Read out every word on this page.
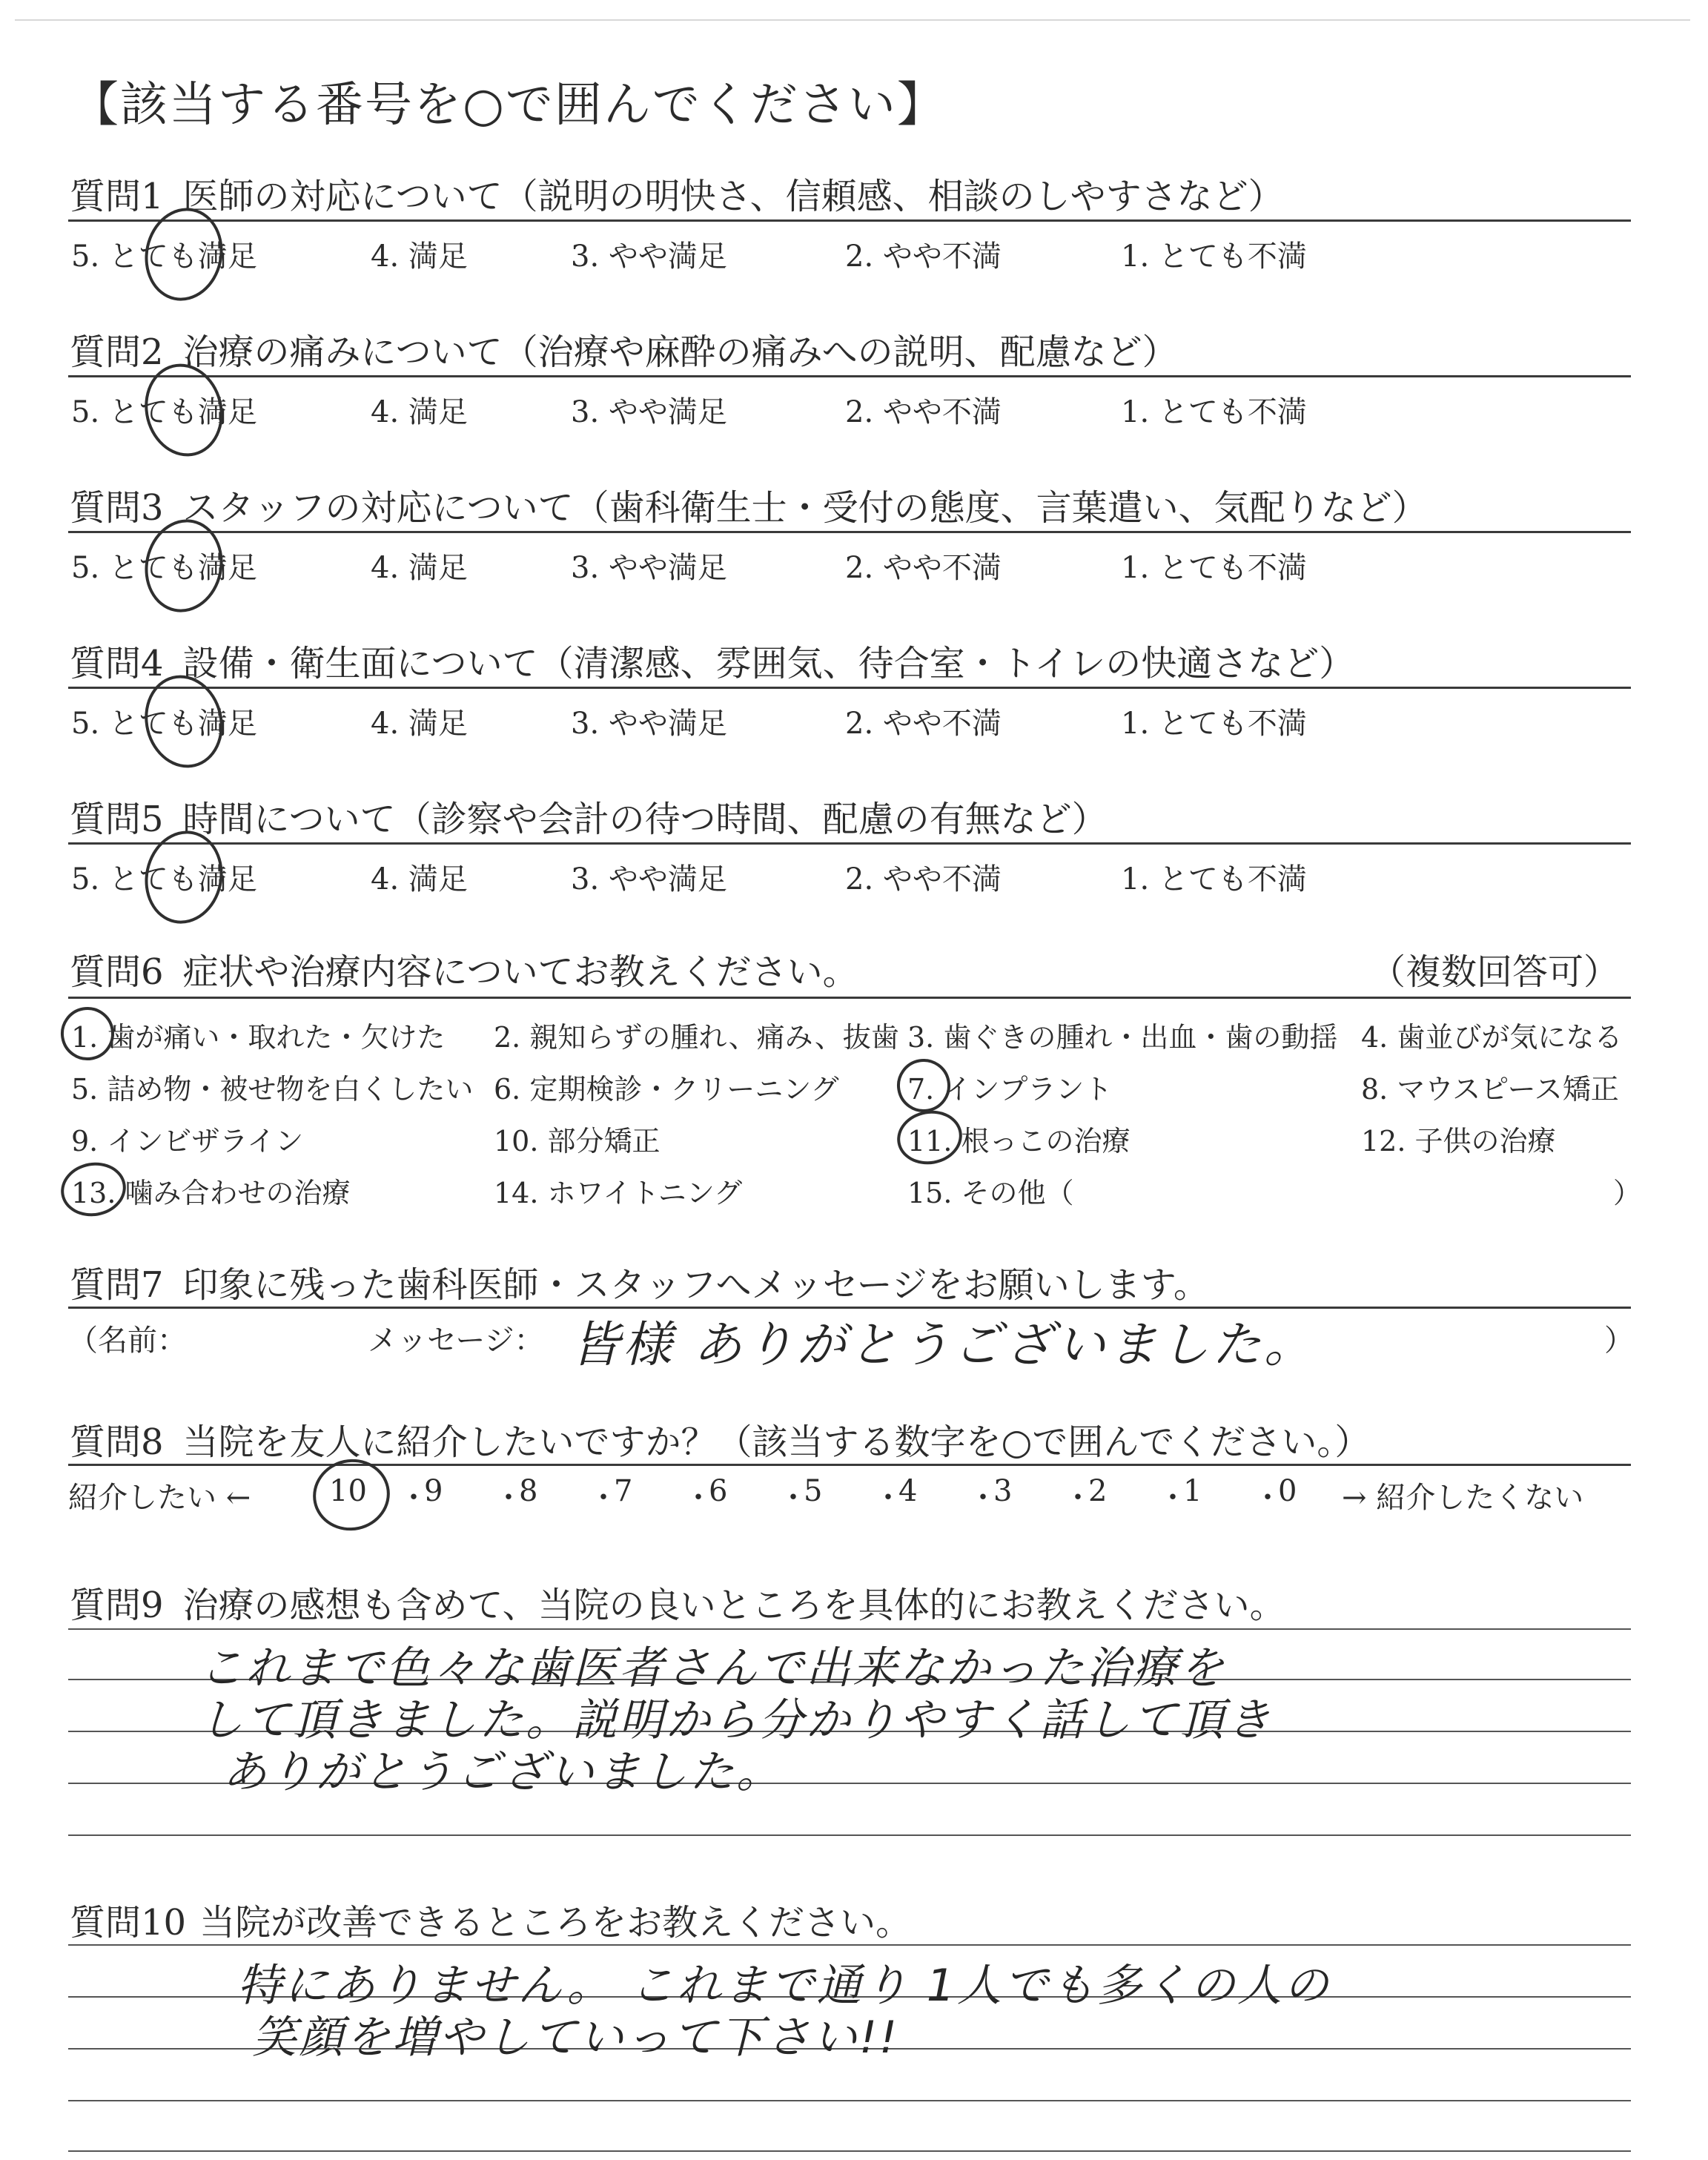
【該当する番号を○で囲んでください】
質問1 医師の対応について（説明の明快さ、信頼感、相談のしやすさなど）
5. とても満足	4. 満足	3. やや満足	2. やや不満	1. とても不満
質問2 治療の痛みについて（治療や麻酔の痛みへの説明、配慮など）
5. とても満足	4. 満足	3. やや満足	2. やや不満	1. とても不満
質問3 スタッフの対応について（歯科衛生士・受付の態度、言葉遣い、気配りなど）
5. とても満足	4. 満足	3. やや満足	2. やや不満	1. とても不満
質問4 設備・衛生面について（清潔感、雰囲気、待合室・トイレの快適さなど）
5. とても満足	4. 満足	3. やや満足	2. やや不満	1. とても不満
質問5 時間について（診察や会計の待つ時間、配慮の有無など）
5. とても満足	4. 満足	3. やや満足	2. やや不満	1. とても不満
質問6 症状や治療内容についてお教えください。	（複数回答可）
1. 歯が痛い・取れた・欠けた 2. 親知らずの腫れ、痛み、抜歯 3. 歯ぐきの腫れ・出血・歯の動揺 4. 歯並びが気になる
5. 詰め物・被せ物を白くしたい 6. 定期検診・クリーニング 7. インプラント	8. マウスピース矯正
9. インビザライン	10. 部分矯正	11. 根っこの治療	12. 子供の治療
13. 噛み合わせの治療	14. ホワイトニング	15. その他（	）
質問7 印象に残った歯科医師・スタッフへメッセージをお願いします。
（名前：	メッセージ： 皆様 ありがとうございました。	）
質問8 当院を友人に紹介したいですか？（該当する数字を○で囲んでください。）
紹介したい ←	→ 紹介したくない
10 ・
9 ・
8 ・
7 ・
6 ・
5 ・
4 ・
3 ・
2 ・
1 ・
0
質問9 治療の感想も含めて、当院の良いところを具体的にお教えください。
これまで色々な歯医者さんで出来なかった治療を
して頂きました。説明から分かりやすく話して頂き
ありがとうございました。
質問10 当院が改善できるところをお教えください。
特にありません。 これまで通り 1人でも多くの人の
笑顔を増やしていって下さい!!
